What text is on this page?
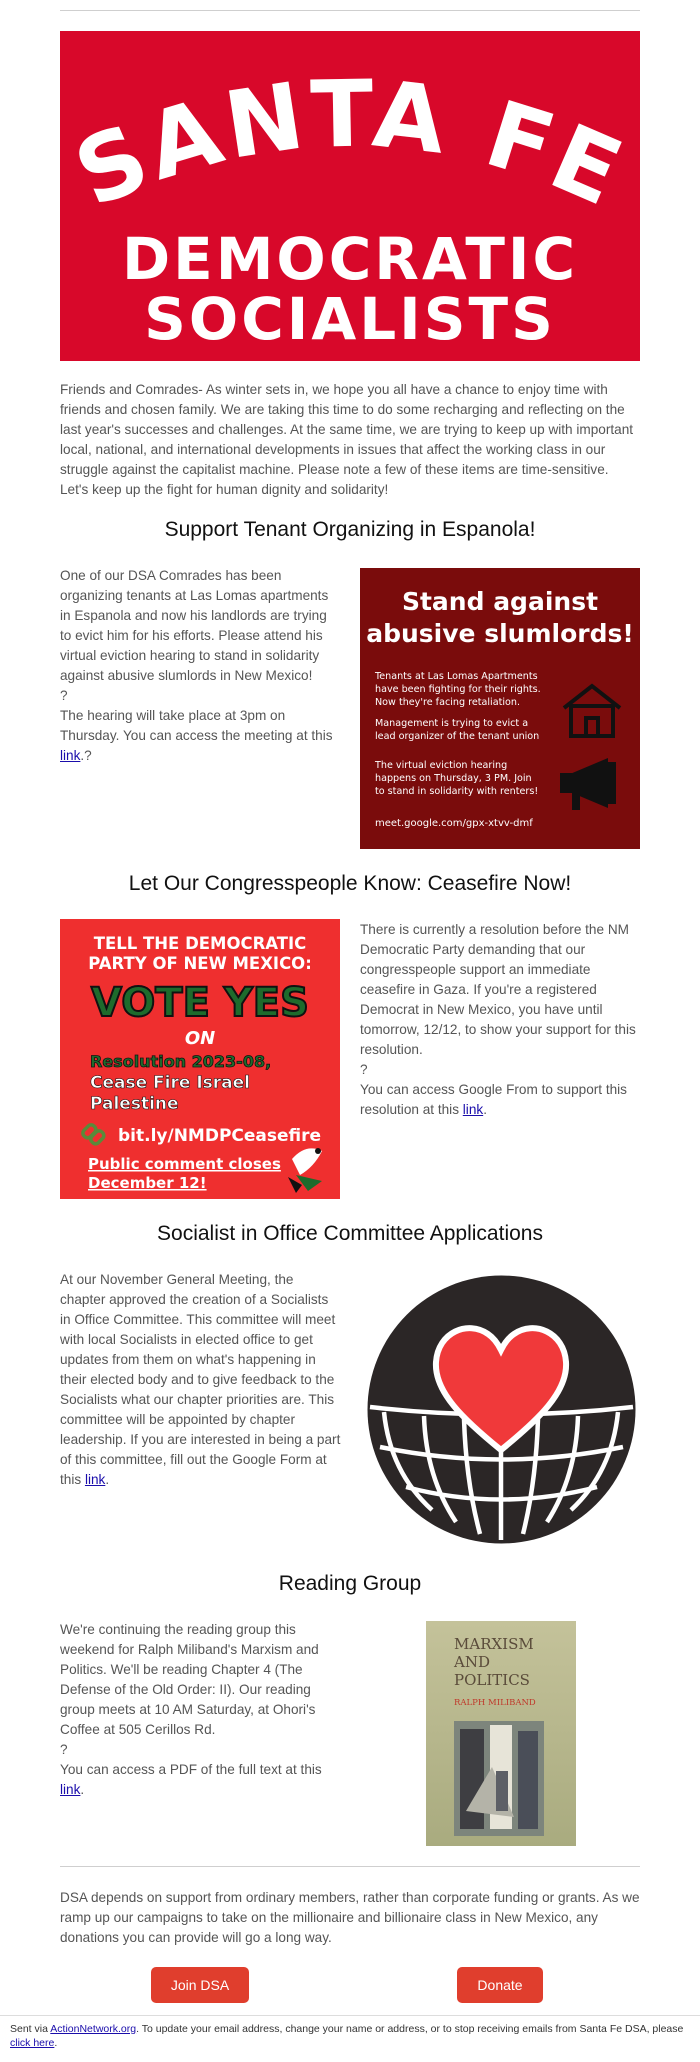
SANTA FE
DEMOCRATIC
SOCIALISTS

Friends and Comrades- As winter sets in, we hope you all have a chance to enjoy time with friends and chosen family. We are taking this time to do some recharging and reflecting on the last year's successes and challenges. At the same time, we are trying to keep up with important local, national, and international developments in issues that affect the working class in our struggle against the capitalist machine. Please note a few of these items are time-sensitive. Let's keep up the fight for human dignity and solidarity!

Support Tenant Organizing in Espanola!

One of our DSA Comrades has been organizing tenants at Las Lomas apartments in Espanola and now his landlords are trying to evict him for his efforts. Please attend his virtual eviction hearing to stand in solidarity against abusive slumlords in New Mexico!

?

The hearing will take place at 3pm on Thursday. You can access the meeting at this link.?

Stand against
abusive slumlords!
Tenants at Las Lomas Apartments
have been fighting for their rights.
Now they're facing retaliation.
Management is trying to evict a
lead organizer of the tenant union
The virtual eviction hearing
happens on Thursday, 3 PM. Join
to stand in solidarity with renters!
meet.google.com/gpx-xtvv-dmf
Let Our Congresspeople Know: Ceasefire Now!
TELL THE DEMOCRATIC
PARTY OF NEW MEXICO:
VOTE YES
ON
Resolution 2023-08,
Cease Fire Israel
Palestine
bit.ly/NMDPCeasefire
Public comment closes
December 12!

There is currently a resolution before the NM Democratic Party demanding that our congresspeople support an immediate ceasefire in Gaza. If you're a registered Democrat in New Mexico, you have until tomorrow, 12/12, to show your support for this resolution.

?

You can access Google From to support this resolution at this link.

Socialist in Office Committee Applications

At our November General Meeting, the chapter approved the creation of a Socialists in Office Committee. This committee will meet with local Socialists in elected office to get updates from them on what's happening in their elected body and to give feedback to the Socialists what our chapter priorities are. This committee will be appointed by chapter leadership. If you are interested in being a part of this committee, fill out the Google Form at this link.

Reading Group

We're continuing the reading group this weekend for Ralph Miliband's Marxism and Politics. We'll be reading Chapter 4 (The Defense of the Old Order: II). Our reading group meets at 10 AM Saturday, at Ohori's Coffee at 505 Cerillos Rd.

?

You can access a PDF of the full text at this link.

MARXISM
AND
POLITICS
RALPH MILIBAND

DSA depends on support from ordinary members, rather than corporate funding or grants. As we ramp up our campaigns to take on the millionaire and billionaire class in New Mexico, any donations you can provide will go a long way.

Join DSA	Donate

Sent via ActionNetwork.org. To update your email address, change your name or address, or to stop receiving emails from Santa Fe DSA, please click here.
